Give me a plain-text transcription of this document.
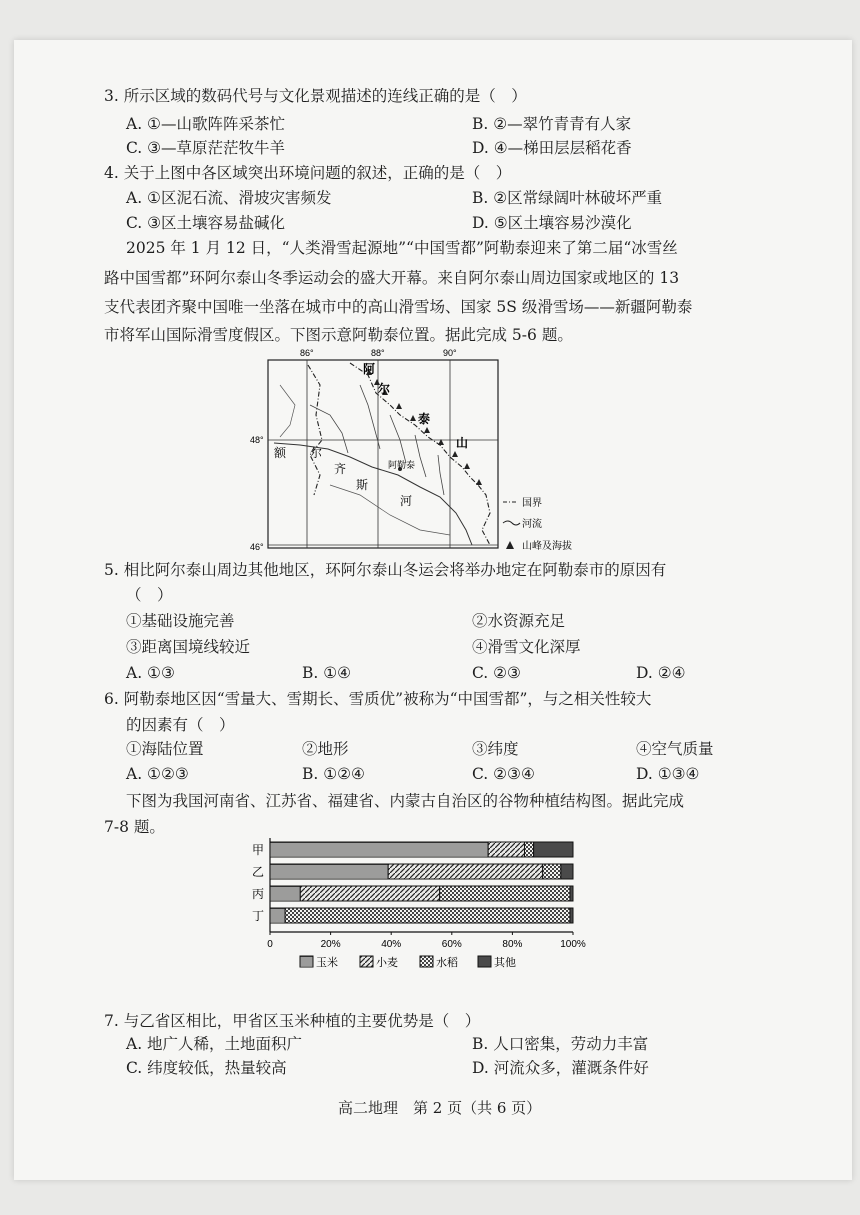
3. 所示区域的数码代号与文化景观描述的连线正确的是（　）
A. ①—山歌阵阵采茶忙	B. ②—翠竹青青有人家
C. ③—草原茫茫牧牛羊	D. ④—梯田层层稻花香
4. 关于上图中各区域突出环境问题的叙述，正确的是（　）
A. ①区泥石流、滑坡灾害频发	B. ②区常绿阔叶林破坏严重
C. ③区土壤容易盐碱化	D. ⑤区土壤容易沙漠化
2025 年 1 月 12 日，“人类滑雪起源地”“中国雪都”阿勒泰迎来了第二届“冰雪丝
路中国雪都”环阿尔泰山冬季运动会的盛大开幕。来自阿尔泰山周边国家或地区的 13
支代表团齐聚中国唯一坐落在城市中的高山滑雪场、国家 5S 级滑雪场——新疆阿勒泰
市将军山国际滑雪度假区。下图示意阿勒泰位置。据此完成 5-6 题。
86°	88°	90°
48°
46°
阿
尔
泰
山
额 尔
齐
斯
河
阿勒泰
国界
河流
山峰及海拔
5. 相比阿尔泰山周边其他地区，环阿尔泰山冬运会将举办地定在阿勒泰市的原因有
（　）
①基础设施完善	②水资源充足
③距离国境线较近	④滑雪文化深厚
A. ①③	B. ①④	C. ②③	D. ②④
6. 阿勒泰地区因“雪量大、雪期长、雪质优”被称为“中国雪都”，与之相关性较大
的因素有（　）
①海陆位置	②地形	③纬度	④空气质量
A. ①②③	B. ①②④	C. ②③④	D. ①③④
下图为我国河南省、江苏省、福建省、内蒙古自治区的谷物种植结构图。据此完成
7-8 题。
甲
乙
丙
丁
0	20%	40%	60%	80%	100%
玉米	小麦	水稻	其他
7. 与乙省区相比，甲省区玉米种植的主要优势是（　）
A. 地广人稀，土地面积广	B. 人口密集，劳动力丰富
C. 纬度较低，热量较高	D. 河流众多，灌溉条件好
高二地理　第 2 页（共 6 页）
